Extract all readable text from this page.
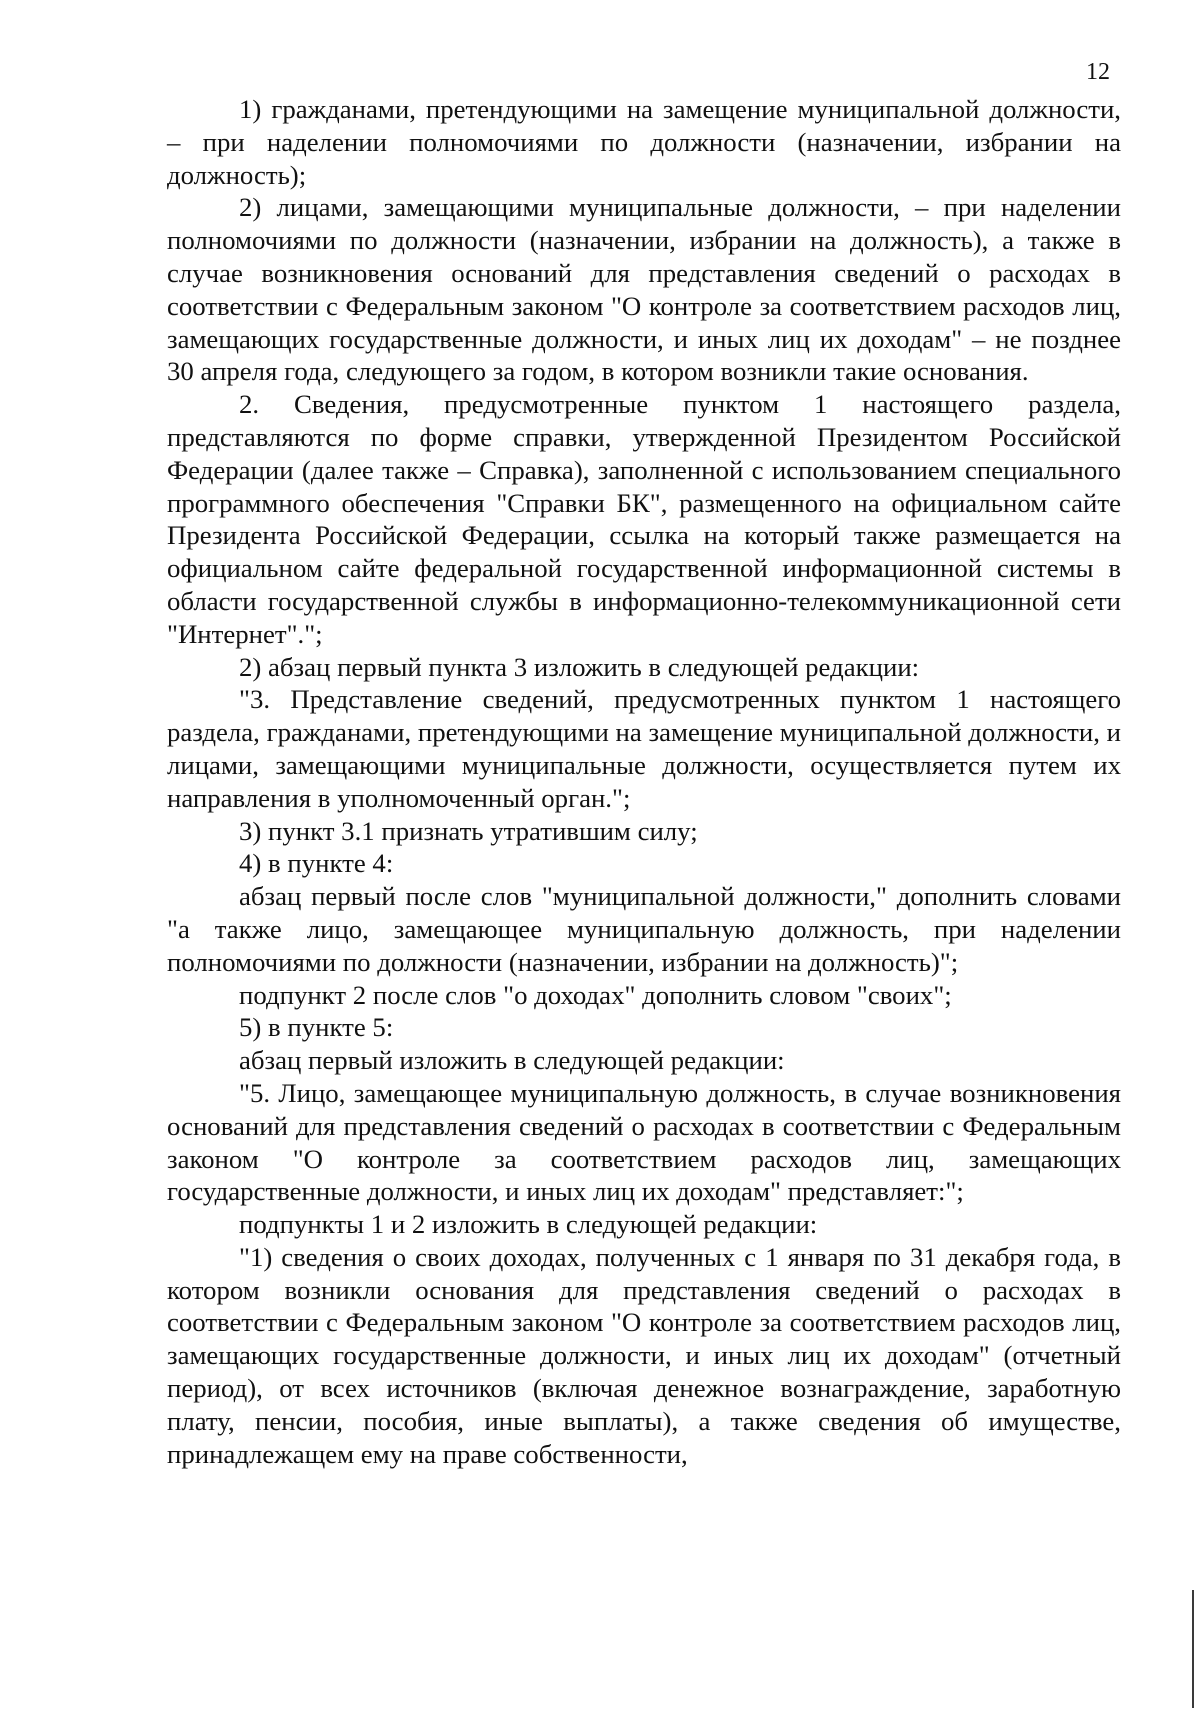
12

1) гражданами, претендующими на замещение муниципальной должности, – при наделении полномочиями по должности (назначении, избрании на должность);

2) лицами, замещающими муниципальные должности, – при наделении полномочиями по должности (назначении, избрании на должность), а также в случае возникновения оснований для представления сведений о расходах в соответствии с Федеральным законом "О контроле за соответствием расходов лиц, замещающих государственные должности, и иных лиц их доходам" – не позднее 30 апреля года, следующего за годом, в котором возникли такие основания.

2. Сведения, предусмотренные пунктом 1 настоящего раздела, представляются по форме справки, утвержденной Президентом Российской Федерации (далее также – Справка), заполненной с использованием специального программного обеспечения "Справки БК", размещенного на официальном сайте Президента Российской Федерации, ссылка на который также размещается на официальном сайте федеральной государственной информационной системы в области государственной службы в информационно-телекоммуникационной сети "Интернет".";

2) абзац первый пункта 3 изложить в следующей редакции:

"3. Представление сведений, предусмотренных пунктом 1 настоящего раздела, гражданами, претендующими на замещение муниципальной должности, и лицами, замещающими муниципальные должности, осуществляется путем их направления в уполномоченный орган.";

3) пункт 3.1 признать утратившим силу;

4) в пункте 4:

абзац первый после слов "муниципальной должности," дополнить словами "а также лицо, замещающее муниципальную должность, при наделении полномочиями по должности (назначении, избрании на должность)";

подпункт 2 после слов "о доходах" дополнить словом "своих";

5) в пункте 5:

абзац первый изложить в следующей редакции:

"5. Лицо, замещающее муниципальную должность, в случае возникновения оснований для представления сведений о расходах в соответствии с Федеральным законом "О контроле за соответствием расходов лиц, замещающих государственные должности, и иных лиц их доходам" представляет:";

подпункты 1 и 2 изложить в следующей редакции:

"1) сведения о своих доходах, полученных с 1 января по 31 декабря года, в котором возникли основания для представления сведений о расходах в соответствии с Федеральным законом "О контроле за соответствием расходов лиц, замещающих государственные должности, и иных лиц их доходам" (отчетный период), от всех источников (включая денежное вознаграждение, заработную плату, пенсии, пособия, иные выплаты), а также сведения об имуществе, принадлежащем ему на праве собственности,
